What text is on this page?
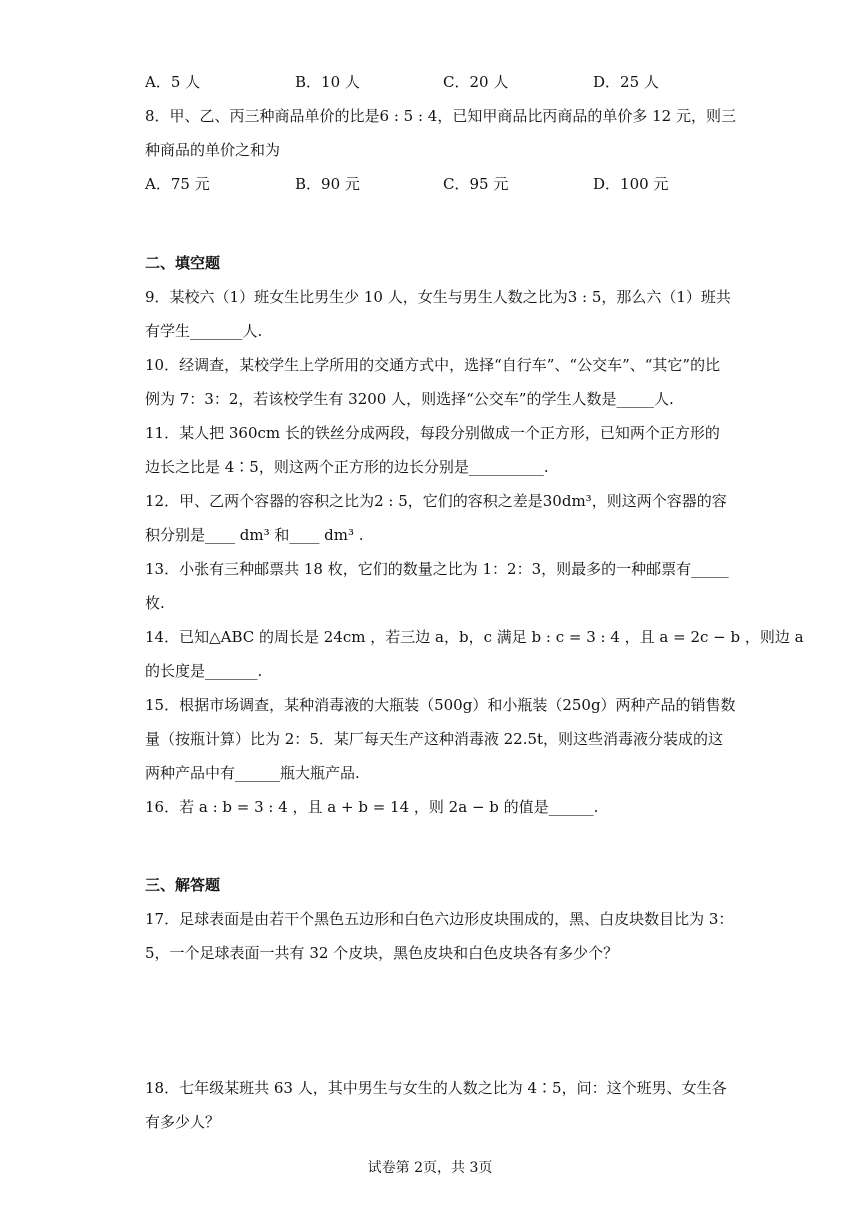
A．5 人	B．10 人	C．20 人	D．25 人
8．甲、乙、丙三种商品单价的比是6 : 5 : 4，已知甲商品比丙商品的单价多 12 元，则三
种商品的单价之和为
A．75 元	B．90 元	C．95 元	D．100 元
二、填空题
9．某校六（1）班女生比男生少 10 人，女生与男生人数之比为3 : 5，那么六（1）班共
有学生_______人.
10．经调查，某校学生上学所用的交通方式中，选择“自行车”、“公交车”、“其它”的比
例为 7：3：2，若该校学生有 3200 人，则选择“公交车”的学生人数是_____人.
11．某人把 360cm 长的铁丝分成两段，每段分别做成一个正方形，已知两个正方形的
边长之比是 4∶5，则这两个正方形的边长分别是__________.
12．甲、乙两个容器的容积之比为2 : 5，它们的容积之差是30dm³，则这两个容器的容
积分别是____ dm³ 和____ dm³ .
13．小张有三种邮票共 18 枚，它们的数量之比为 1：2：3，则最多的一种邮票有_____
枚.
14．已知△ABC 的周长是 24cm ，若三边 a，b，c 满足 b : c = 3 : 4 ，且 a = 2c − b ，则边 a
的长度是_______.
15．根据市场调查，某种消毒液的大瓶装（500g）和小瓶装（250g）两种产品的销售数
量（按瓶计算）比为 2：5．某厂每天生产这种消毒液 22.5t，则这些消毒液分装成的这
两种产品中有______瓶大瓶产品.
16．若 a : b = 3 : 4 ，且 a + b = 14 ，则 2a − b 的值是______.
三、解答题
17．足球表面是由若干个黑色五边形和白色六边形皮块围成的，黑、白皮块数目比为 3：
5，一个足球表面一共有 32 个皮块，黑色皮块和白色皮块各有多少个？
18．七年级某班共 63 人，其中男生与女生的人数之比为 4∶5，问：这个班男、女生各
有多少人？
试卷第 2页，共 3页
